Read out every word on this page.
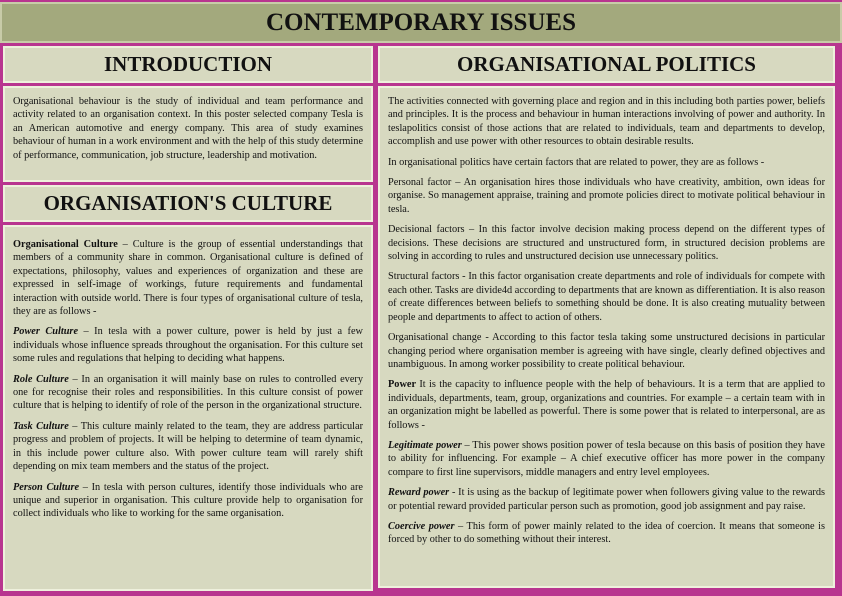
CONTEMPORARY ISSUES
INTRODUCTION

Organisational behaviour is the study of individual and team performance and activity related to an organisation context. In this poster selected company Tesla is an American automotive and energy company. This area of study examines behaviour of human in a work environment and with the help of this study determine of performance, communication, job structure, leadership and motivation.

ORGANISATION'S CULTURE

Organisational Culture – Culture is the group of essential understandings that members of a community share in common. Organisational culture is defined of expectations, philosophy, values and experiences of organization and these are expressed in self-image of workings, future requirements and fundamental interaction with outside world. There is four types of organisational culture of tesla, they are as follows -

Power Culture – In tesla with a power culture, power is held by just a few individuals whose influence spreads throughout the organisation. For this culture set some rules and regulations that helping to deciding what happens.

Role Culture – In an organisation it will mainly base on rules to controlled every one for recognise their roles and responsibilities. In this culture consist of power culture that is helping to identify of role of the person in the organizational structure.

Task Culture – This culture mainly related to the team, they are address particular progress and problem of projects. It will be helping to determine of team dynamic, in this include power culture also. With power culture team will rarely shift depending on mix team members and the status of the project.

Person Culture – In tesla with person cultures, identify those individuals who are unique and superior in organisation. This culture provide help to organisation for collect individuals who like to working for the same organisation.

ORGANISATIONAL POLITICS

The activities connected with governing place and region and in this including both parties power, beliefs and principles. It is the process and behaviour in human interactions involving of power and authority. In teslapolitics consist of those actions that are related to individuals, team and departments to develop, accomplish and use power with other resources to obtain desirable results.

In organisational politics have certain factors that are related to power, they are as follows -

Personal factor – An organisation hires those individuals who have creativity, ambition, own ideas for organise. So management appraise, training and promote policies direct to motivate political behaviour in tesla.

Decisional factors – In this factor involve decision making process depend on the different types of decisions. These decisions are structured and unstructured form, in structured decision problems are solving in according to rules and unstructured decision use unnecessary politics.

Structural factors - In this factor organisation create departments and role of individuals for compete with each other. Tasks are divide4d according to departments that are known as differentiation. It is also reason of create differences between beliefs to something should be done. It is also creating mutuality between people and departments to affect to action of others.

Organisational change - According to this factor tesla taking some unstructured decisions in particular changing period where organisation member is agreeing with have single, clearly defined objectives and unambiguous. In among worker possibility to create political behaviour.

Power It is the capacity to influence people with the help of behaviours. It is a term that are applied to individuals, departments, team, group, organizations and countries. For example – a certain team with in an organization might be labelled as powerful. There is some power that is related to interpersonal, are as follows -

Legitimate power – This power shows position power of tesla because on this basis of position they have to ability for influencing. For example – A chief executive officer has more power in the company compare to first line supervisors, middle managers and entry level employees.

Reward power - It is using as the backup of legitimate power when followers giving value to the rewards or potential reward provided particular person such as promotion, good job assignment and pay raise.

Coercive power – This form of power mainly related to the idea of coercion. It means that someone is forced by other to do something without their interest.
